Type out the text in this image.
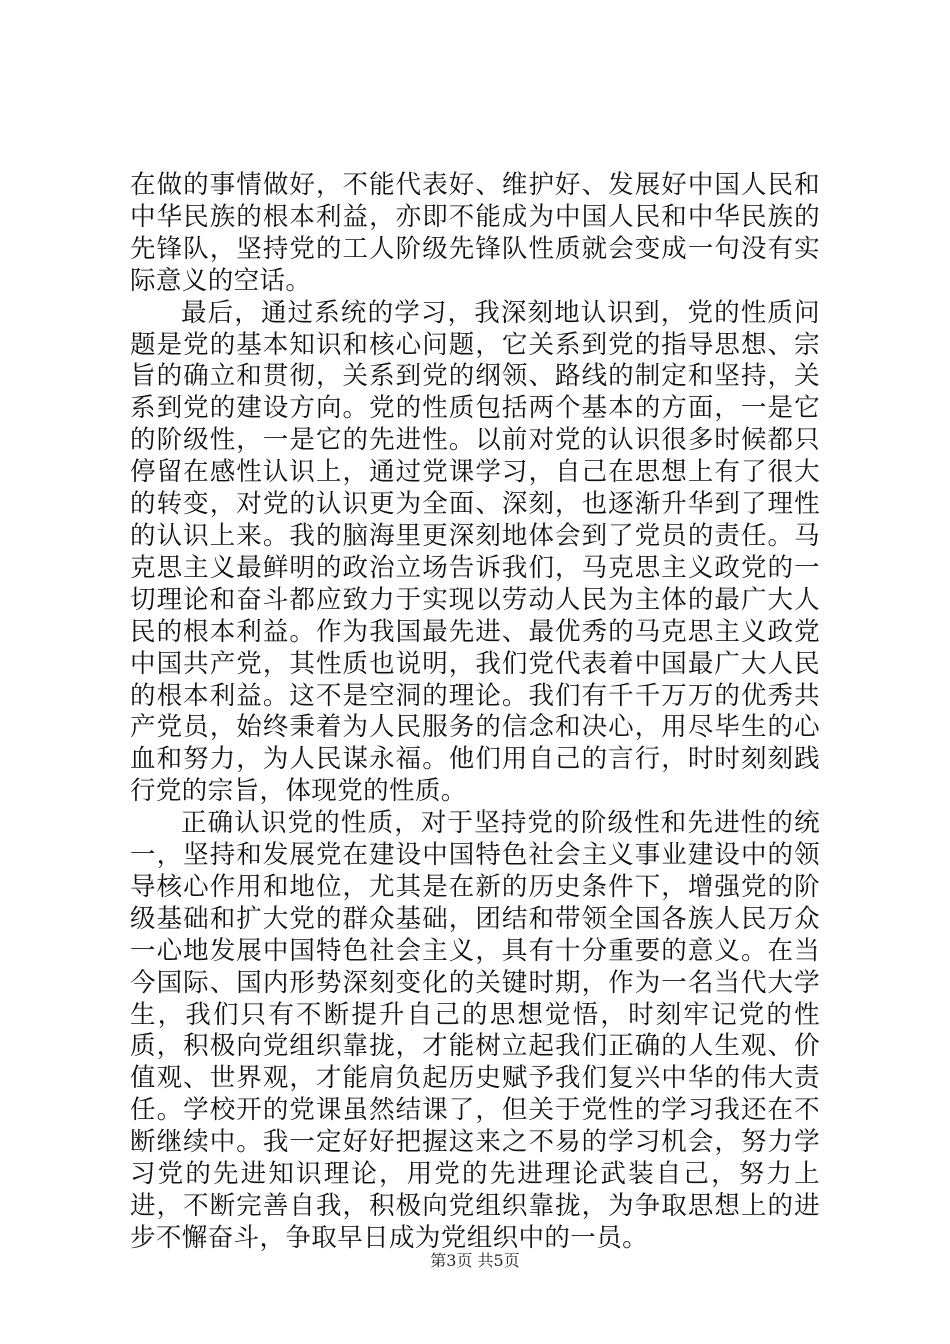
在做的事情做好，不能代表好、维护好、发展好中国人民和中华民族的根本利益，亦即不能成为中国人民和中华民族的先锋队，坚持党的工人阶级先锋队性质就会变成一句没有实际意义的空话。

最后，通过系统的学习，我深刻地认识到，党的性质问题是党的基本知识和核心问题，它关系到党的指导思想、宗旨的确立和贯彻，关系到党的纲领、路线的制定和坚持，关系到党的建设方向。党的性质包括两个基本的方面，一是它的阶级性，一是它的先进性。以前对党的认识很多时候都只停留在感性认识上，通过党课学习，自己在思想上有了很大的转变，对党的认识更为全面、深刻，也逐渐升华到了理性的认识上来。我的脑海里更深刻地体会到了党员的责任。马克思主义最鲜明的政治立场告诉我们，马克思主义政党的一切理论和奋斗都应致力于实现以劳动人民为主体的最广大人民的根本利益。作为我国最先进、最优秀的马克思主义政党中国共产党，其性质也说明，我们党代表着中国最广大人民的根本利益。这不是空洞的理论。我们有千千万万的优秀共产党员，始终秉着为人民服务的信念和决心，用尽毕生的心血和努力，为人民谋永福。他们用自己的言行，时时刻刻践行党的宗旨，体现党的性质。

正确认识党的性质，对于坚持党的阶级性和先进性的统一，坚持和发展党在建设中国特色社会主义事业建设中的领导核心作用和地位，尤其是在新的历史条件下，增强党的阶级基础和扩大党的群众基础，团结和带领全国各族人民万众一心地发展中国特色社会主义，具有十分重要的意义。在当今国际、国内形势深刻变化的关键时期，作为一名当代大学生，我们只有不断提升自己的思想觉悟，时刻牢记党的性质，积极向党组织靠拢，才能树立起我们正确的人生观、价值观、世界观，才能肩负起历史赋予我们复兴中华的伟大责任。学校开的党课虽然结课了，但关于党性的学习我还在不断继续中。我一定好好把握这来之不易的学习机会，努力学习党的先进知识理论，用党的先进理论武装自己，努力上进，不断完善自我，积极向党组织靠拢，为争取思想上的进步不懈奋斗，争取早日成为党组织中的一员。

第3页 共5页
